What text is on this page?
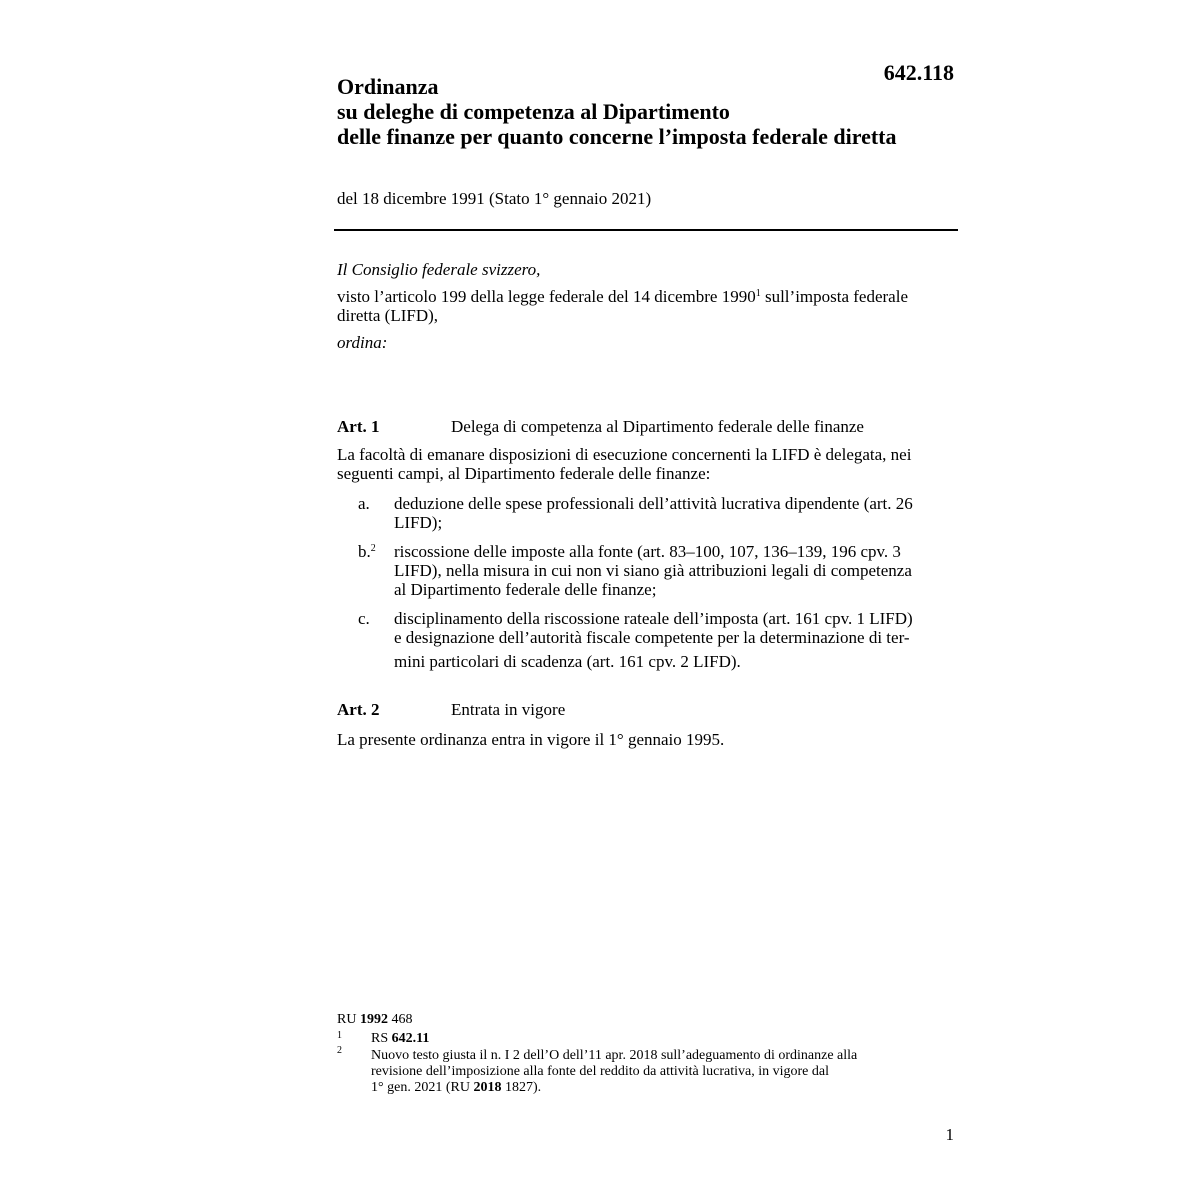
642.118
Ordinanza
su deleghe di competenza al Dipartimento
delle finanze per quanto concerne l’imposta federale diretta
del 18 dicembre 1991 (Stato 1° gennaio 2021)
Il Consiglio federale svizzero,
visto l’articolo 199 della legge federale del 14 dicembre 1990$^1$ sull’imposta federale
diretta (LIFD),
ordina:
Art. 1	Delega di competenza al Dipartimento federale delle finanze
La facoltà di emanare disposizioni di esecuzione concernenti la LIFD è delegata, nei
seguenti campi, al Dipartimento federale delle finanze:
a. deduzione delle spese professionali dell’attività lucrativa dipendente (art. 26
LIFD);
b.$^2$ riscossione delle imposte alla fonte (art. 83–100, 107, 136–139, 196 cpv. 3
LIFD), nella misura in cui non vi siano già attribuzioni legali di competenza
al Dipartimento federale delle finanze;
c. disciplinamento della riscossione rateale dell’imposta (art. 161 cpv. 1 LIFD)
e designazione dell’autorità fiscale competente per la determinazione di ter-
mini particolari di scadenza (art. 161 cpv. 2 LIFD).
Art. 2	Entrata in vigore
La presente ordinanza entra in vigore il 1° gennaio 1995.
RU 1992 468
1 RS 642.11
2 Nuovo testo giusta il n. I 2 dell’O dell’11 apr. 2018 sull’adeguamento di ordinanze alla
revisione dell’imposizione alla fonte del reddito da attività lucrativa, in vigore dal
1° gen. 2021 (RU 2018 1827).
1
